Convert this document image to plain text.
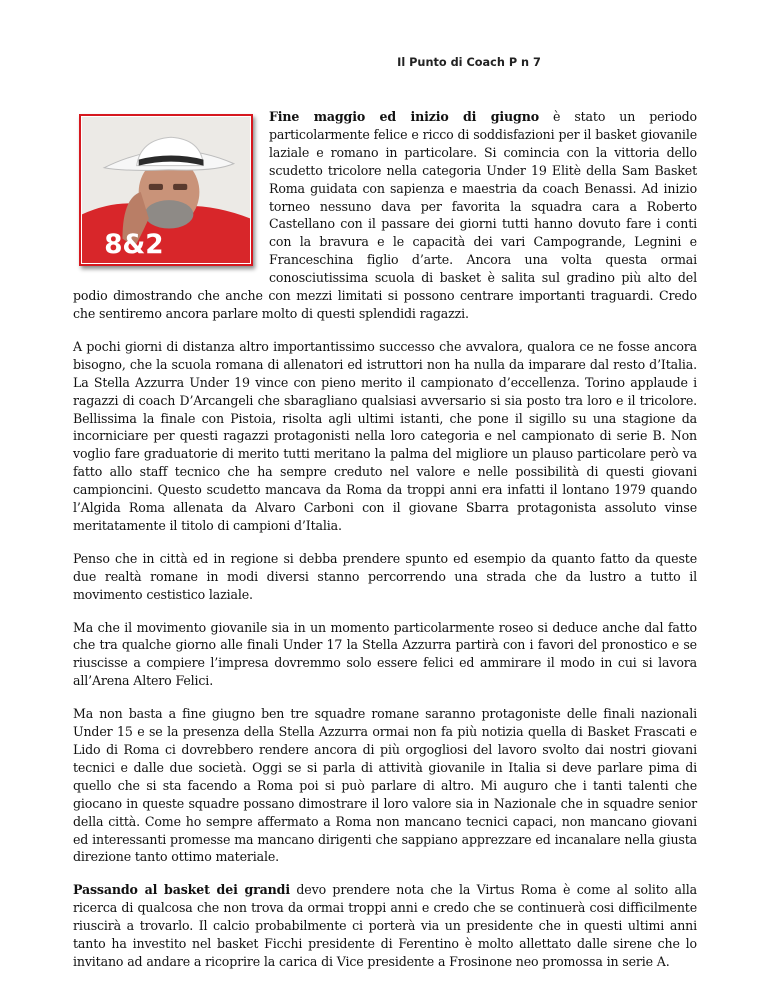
Il Punto di Coach P n 7
8&2

Fine maggio ed inizio di giugno è stato un periodo particolarmente felice e ricco di soddisfazioni per il basket giovanile laziale e romano in particolare. Si comincia con la vittoria dello scudetto tricolore nella categoria Under 19 Elitè della Sam Basket Roma guidata con sapienza e maestria da coach Benassi. Ad inizio torneo nessuno dava per favorita la squadra cara a Roberto Castellano con il passare dei giorni tutti hanno dovuto fare i conti con la bravura e le capacità dei vari Campogrande, Legnini e Franceschina figlio d’arte. Ancora una volta questa ormai conosciutissima scuola di basket è salita sul gradino più alto del podio dimostrando che anche con mezzi limitati si possono centrare importanti traguardi. Credo che sentiremo ancora parlare molto di questi splendidi ragazzi.

A pochi giorni di distanza altro importantissimo successo che avvalora, qualora ce ne fosse ancora bisogno, che la scuola romana di allenatori ed istruttori non ha nulla da imparare dal resto d’Italia. La Stella Azzurra Under 19 vince con pieno merito il campionato d’eccellenza. Torino applaude i ragazzi di coach D’Arcangeli che sbaragliano qualsiasi avversario si sia posto tra loro e il tricolore. Bellissima la finale con Pistoia, risolta agli ultimi istanti, che pone il sigillo su una stagione da incorniciare per questi ragazzi protagonisti nella loro categoria e nel campionato di serie B. Non voglio fare graduatorie di merito tutti meritano la palma del migliore un plauso particolare però va fatto allo staff tecnico che ha sempre creduto nel valore e nelle possibilità di questi giovani campioncini. Questo scudetto mancava da Roma da troppi anni era infatti il lontano 1979 quando l’Algida Roma allenata da Alvaro Carboni con il giovane Sbarra protagonista assoluto vinse meritatamente il titolo di campioni d’Italia.

Penso che in città ed in regione si debba prendere spunto ed esempio da quanto fatto da queste due realtà romane in modi diversi stanno percorrendo una strada che da lustro a tutto il movimento cestistico laziale.

Ma che il movimento giovanile sia in un momento particolarmente roseo si deduce anche dal fatto che tra qualche giorno alle finali Under 17 la Stella Azzurra partirà con i favori del pronostico e se riuscisse a compiere l’impresa dovremmo solo essere felici ed ammirare il modo in cui si lavora all’Arena Altero Felici.

Ma non basta a fine giugno ben tre squadre romane saranno protagoniste delle finali nazionali Under 15 e se la presenza della Stella Azzurra ormai non fa più notizia quella di Basket Frascati e Lido di Roma ci dovrebbero rendere ancora di più orgogliosi del lavoro svolto dai nostri giovani tecnici e dalle due società. Oggi se si parla di attività giovanile in Italia si deve parlare pima di quello che si sta facendo a Roma poi si può parlare di altro. Mi auguro che i tanti talenti che giocano in queste squadre possano dimostrare il loro valore sia in Nazionale che in squadre senior della città. Come ho sempre affermato a Roma non mancano tecnici capaci, non mancano giovani ed interessanti promesse ma mancano dirigenti che sappiano apprezzare ed incanalare nella giusta direzione tanto ottimo materiale.

Passando al basket dei grandi devo prendere nota che la Virtus Roma è come al solito alla ricerca di qualcosa che non trova da ormai troppi anni e credo che se continuerà cosi difficilmente riuscirà a trovarlo. Il calcio probabilmente ci porterà via un presidente che in questi ultimi anni tanto ha investito nel basket Ficchi presidente di Ferentino è molto allettato dalle sirene che lo invitano ad andare a ricoprire la carica di Vice presidente a Frosinone neo promossa in serie A.
